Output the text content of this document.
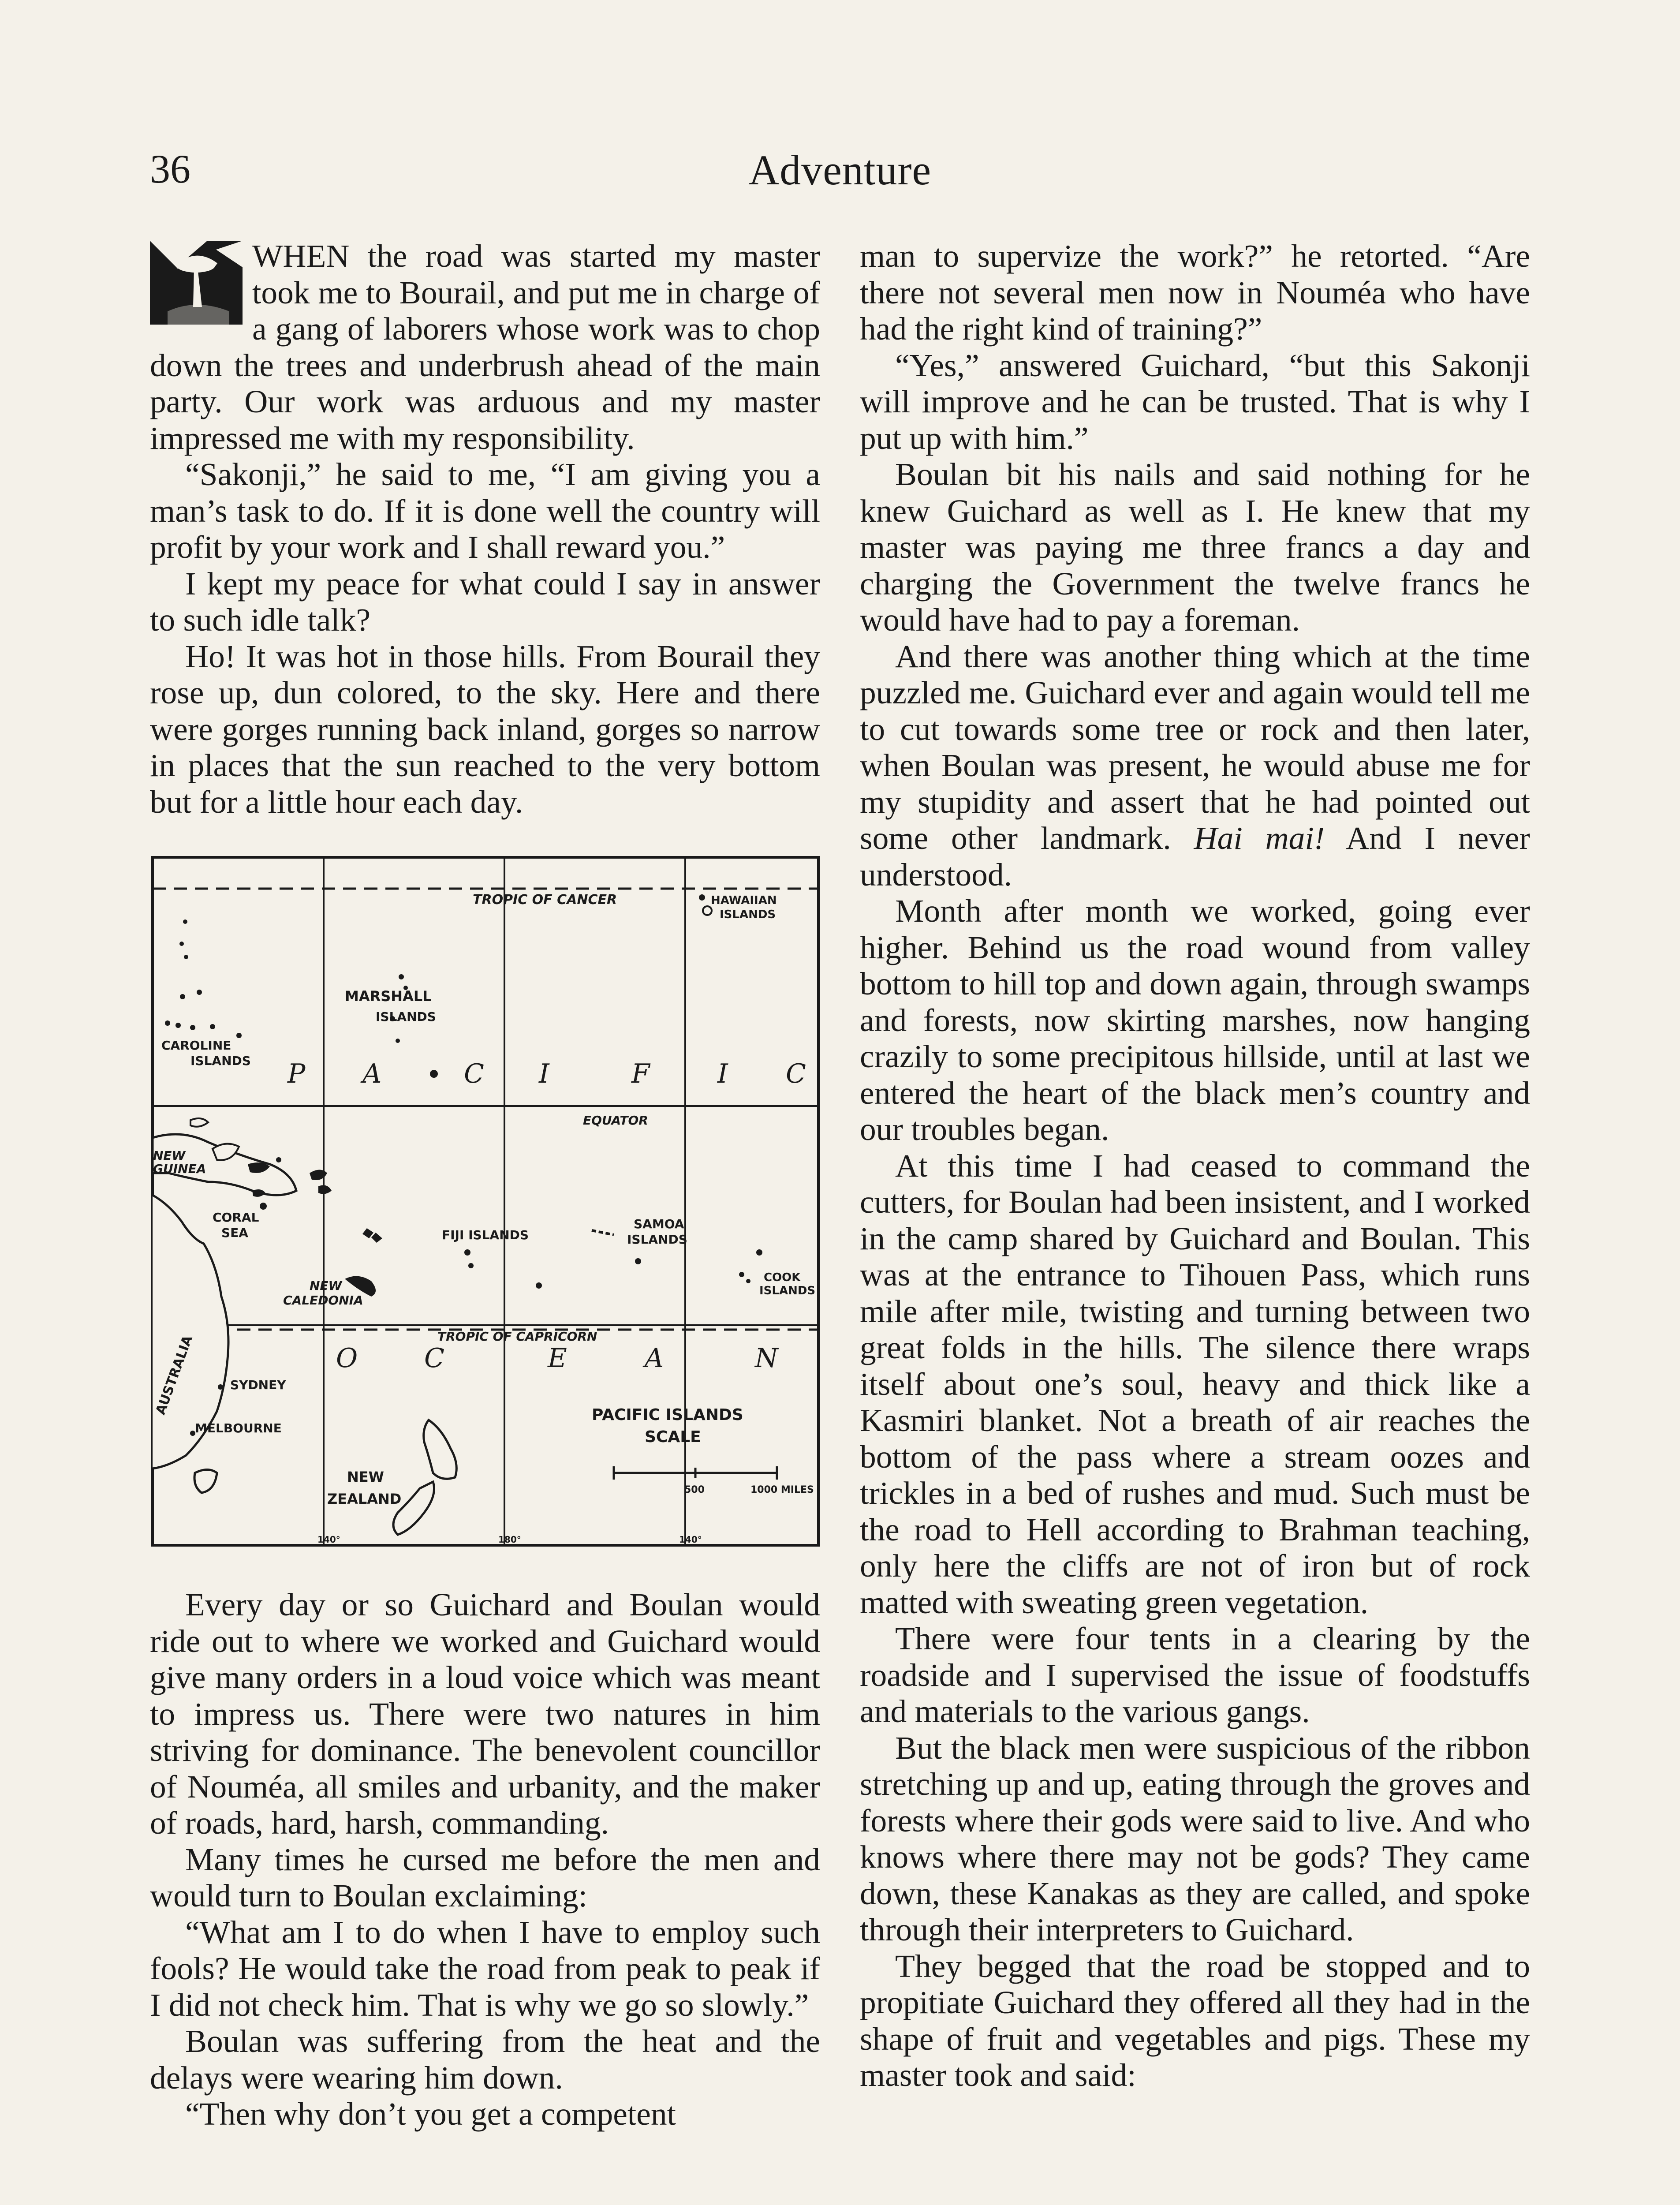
36	Adventure

WHEN the road was started my master took me to Bourail, and put me in charge of a gang of laborers whose work was to chop down the trees and underbrush ahead of the main party. Our work was arduous and my master impressed me with my responsibility.

“Sakonji,” he said to me, “I am giving you a man’s task to do. If it is done well the country will profit by your work and I shall reward you.”

I kept my peace for what could I say in answer to such idle talk?

Ho! It was hot in those hills. From Bourail they rose up, dun colored, to the sky. Here and there were gorges running back inland, gorges so narrow in places that the sun reached to the very bottom but for a little hour each day.

TROPIC OF CANCER	HAWAIIAN
ISLANDS
MARSHALL
ISLANDS
CAROLINE
ISLANDS P A	C I	F	I C
EQUATOR
NEW
GUINEA
CORAL
SEA
AUSTRALIA	SYDNEY
MELBOURNE
FIJI ISLANDS
SAMOA
ISLANDS
COOK
ISLANDS
NEW
CALEDONIA
TROPIC OF CAPRICORN
O	C	E	A	N
NEW
ZEALAND
PACIFIC ISLANDS
SCALE
500	1000 MILES
140°	180°	140°

Every day or so Guichard and Boulan would ride out to where we worked and Guichard would give many orders in a loud voice which was meant to impress us. There were two natures in him striving for dominance. The benevolent councillor of Nouméa, all smiles and urbanity, and the maker of roads, hard, harsh, commanding.

Many times he cursed me before the men and would turn to Boulan exclaiming:

“What am I to do when I have to employ such fools? He would take the road from peak to peak if I did not check him. That is why we go so slowly.”

Boulan was suffering from the heat and the delays were wearing him down.

“Then why don’t you get a competent

man to supervize the work?” he retorted. “Are there not several men now in Nouméa who have had the right kind of training?”

“Yes,” answered Guichard, “but this Sakonji will improve and he can be trusted. That is why I put up with him.”

Boulan bit his nails and said nothing for he knew Guichard as well as I. He knew that my master was paying me three francs a day and charging the Government the twelve francs he would have had to pay a foreman.

And there was another thing which at the time puzzled me. Guichard ever and again would tell me to cut towards some tree or rock and then later, when Boulan was present, he would abuse me for my stupidity and assert that he had pointed out some other landmark. Hai mai! And I never understood.

Month after month we worked, going ever higher. Behind us the road wound from valley bottom to hill top and down again, through swamps and forests, now skirting marshes, now hanging crazily to some precipitous hillside, until at last we entered the heart of the black men’s country and our troubles began.

At this time I had ceased to command the cutters, for Boulan had been insistent, and I worked in the camp shared by Guichard and Boulan. This was at the entrance to Tihouen Pass, which runs mile after mile, twisting and turning between two great folds in the hills. The silence there wraps itself about one’s soul, heavy and thick like a Kasmiri blanket. Not a breath of air reaches the bottom of the pass where a stream oozes and trickles in a bed of rushes and mud. Such must be the road to Hell according to Brahman teaching, only here the cliffs are not of iron but of rock matted with sweating green vegetation.

There were four tents in a clearing by the roadside and I supervised the issue of foodstuffs and materials to the various gangs.

But the black men were suspicious of the ribbon stretching up and up, eating through the groves and forests where their gods were said to live. And who knows where there may not be gods? They came down, these Kanakas as they are called, and spoke through their interpreters to Guichard.

They begged that the road be stopped and to propitiate Guichard they offered all they had in the shape of fruit and vegetables and pigs. These my master took and said:
